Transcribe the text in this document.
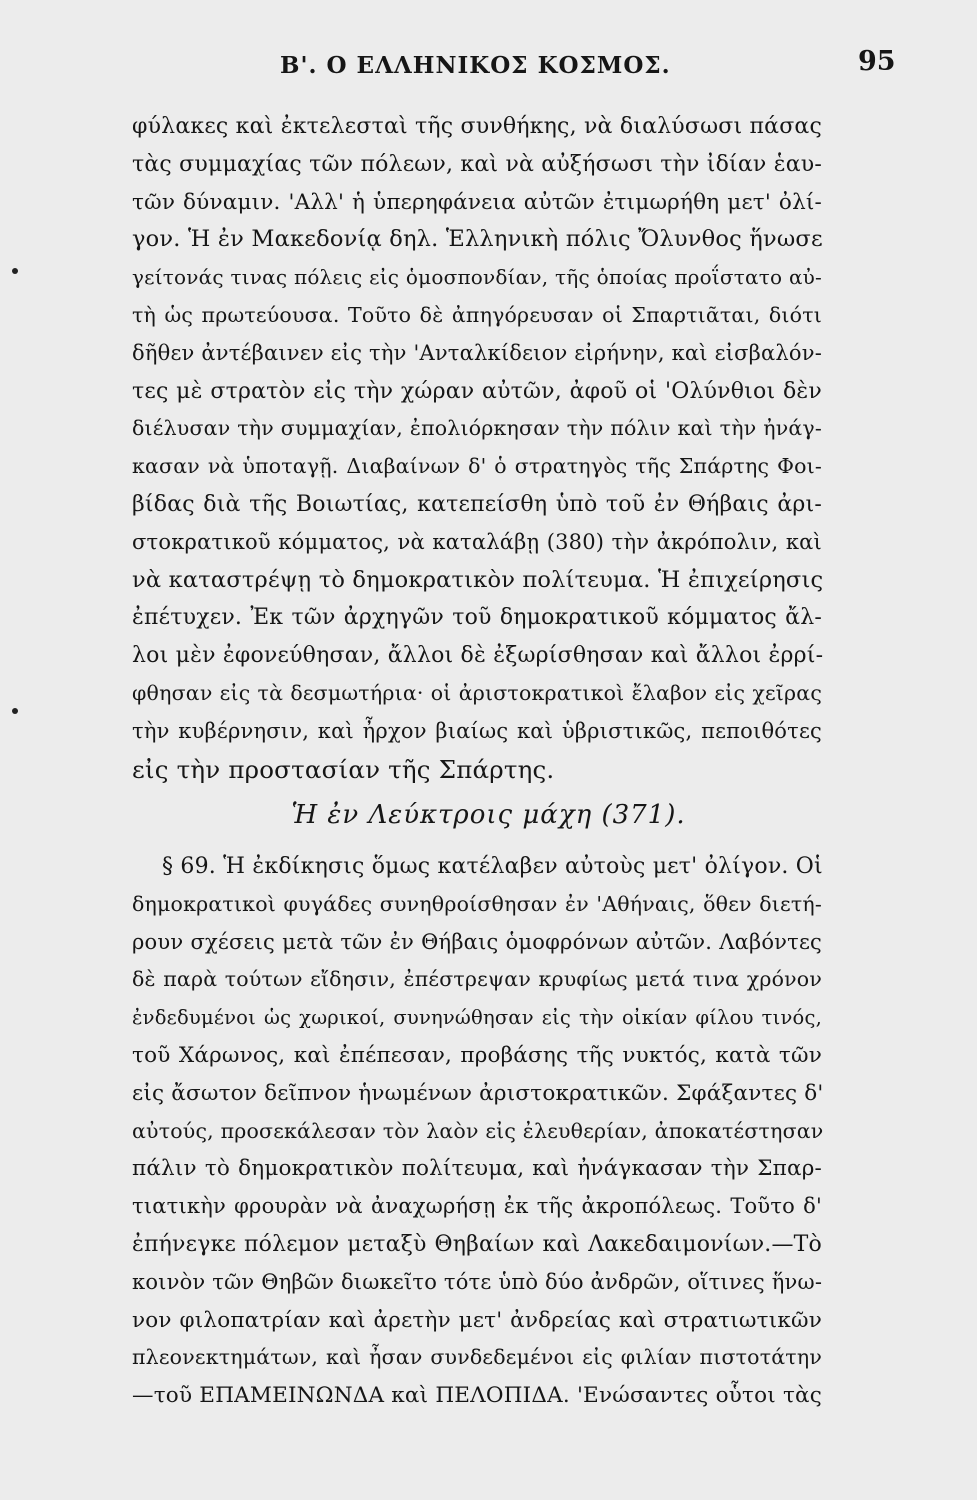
Β'. Ο ΕΛΛΗΝΙΚΟΣ ΚΟΣΜΟΣ.	95
φύλακες καὶ ἐκτελεσταὶ τῆς συνθήκης, νὰ διαλύσωσι πάσας
τὰς συμμαχίας τῶν πόλεων, καὶ νὰ αὐξήσωσι τὴν ἰδίαν ἑαυ-
τῶν δύναμιν. 'Αλλ' ἡ ὑπερηφάνεια αὐτῶν ἐτιμωρήθη μετ' ὀλί-
γον. Ἡ ἐν Μακεδονίᾳ δηλ. Ἑλληνικὴ πόλις Ὄλυνθος ἥνωσε
γείτονάς τινας πόλεις εἰς ὁμοσπονδίαν, τῆς ὁποίας προΐστατο αὐ-
τὴ ὡς πρωτεύουσα. Τοῦτο δὲ ἀπηγόρευσαν οἱ Σπαρτιᾶται, διότι
δῆθεν ἀντέβαινεν εἰς τὴν 'Ανταλκίδειον εἰρήνην, καὶ εἰσβαλόν-
τες μὲ στρατὸν εἰς τὴν χώραν αὐτῶν, ἀφοῦ οἱ 'Ολύνθιοι δὲν
διέλυσαν τὴν συμμαχίαν, ἐπολιόρκησαν τὴν πόλιν καὶ τὴν ἠνάγ-
κασαν νὰ ὑποταγῇ. Διαβαίνων δ' ὁ στρατηγὸς τῆς Σπάρτης Φοι-
βίδας διὰ τῆς Βοιωτίας, κατεπείσθη ὑπὸ τοῦ ἐν Θήβαις ἀρι-
στοκρατικοῦ κόμματος, νὰ καταλάβῃ (380) τὴν ἀκρόπολιν, καὶ
νὰ καταστρέψῃ τὸ δημοκρατικὸν πολίτευμα. Ἡ ἐπιχείρησις
ἐπέτυχεν. Ἐκ τῶν ἀρχηγῶν τοῦ δημοκρατικοῦ κόμματος ἄλ-
λοι μὲν ἐφονεύθησαν, ἄλλοι δὲ ἐξωρίσθησαν καὶ ἄλλοι ἐρρί-
φθησαν εἰς τὰ δεσμωτήρια· οἱ ἀριστοκρατικοὶ ἔλαβον εἰς χεῖρας
τὴν κυβέρνησιν, καὶ ἦρχον βιαίως καὶ ὑβριστικῶς, πεποιθότες
εἰς τὴν προστασίαν τῆς Σπάρτης.
Ἡ ἐν Λεύκτροις μάχη (371).
§ 69. Ἡ ἐκδίκησις ὅμως κατέλαβεν αὐτοὺς μετ' ὀλίγον. Οἱ
δημοκρατικοὶ φυγάδες συνηθροίσθησαν ἐν 'Αθήναις, ὅθεν διετή-
ρουν σχέσεις μετὰ τῶν ἐν Θήβαις ὁμοφρόνων αὐτῶν. Λαβόντες
δὲ παρὰ τούτων εἴδησιν, ἐπέστρεψαν κρυφίως μετά τινα χρόνον
ἐνδεδυμένοι ὡς χωρικοί, συνηνώθησαν εἰς τὴν οἰκίαν φίλου τινός,
τοῦ Χάρωνος, καὶ ἐπέπεσαν, προβάσης τῆς νυκτός, κατὰ τῶν
εἰς ἄσωτον δεῖπνον ἡνωμένων ἀριστοκρατικῶν. Σφάξαντες δ'
αὐτούς, προσεκάλεσαν τὸν λαὸν εἰς ἐλευθερίαν, ἀποκατέστησαν
πάλιν τὸ δημοκρατικὸν πολίτευμα, καὶ ἠνάγκασαν τὴν Σπαρ-
τιατικὴν φρουρὰν νὰ ἀναχωρήσῃ ἐκ τῆς ἀκροπόλεως. Τοῦτο δ'
ἐπήνεγκε πόλεμον μεταξὺ Θηβαίων καὶ Λακεδαιμονίων.—Τὸ
κοινὸν τῶν Θηβῶν διωκεῖτο τότε ὑπὸ δύο ἀνδρῶν, οἵτινες ἥνω-
νον φιλοπατρίαν καὶ ἀρετὴν μετ' ἀνδρείας καὶ στρατιωτικῶν
πλεονεκτημάτων, καὶ ἦσαν συνδεδεμένοι εἰς φιλίαν πιστοτάτην
—τοῦ ΕΠΑΜΕΙΝΩΝΔΑ καὶ ΠΕΛΟΠΙΔΑ. 'Ενώσαντες οὗτοι τὰς
